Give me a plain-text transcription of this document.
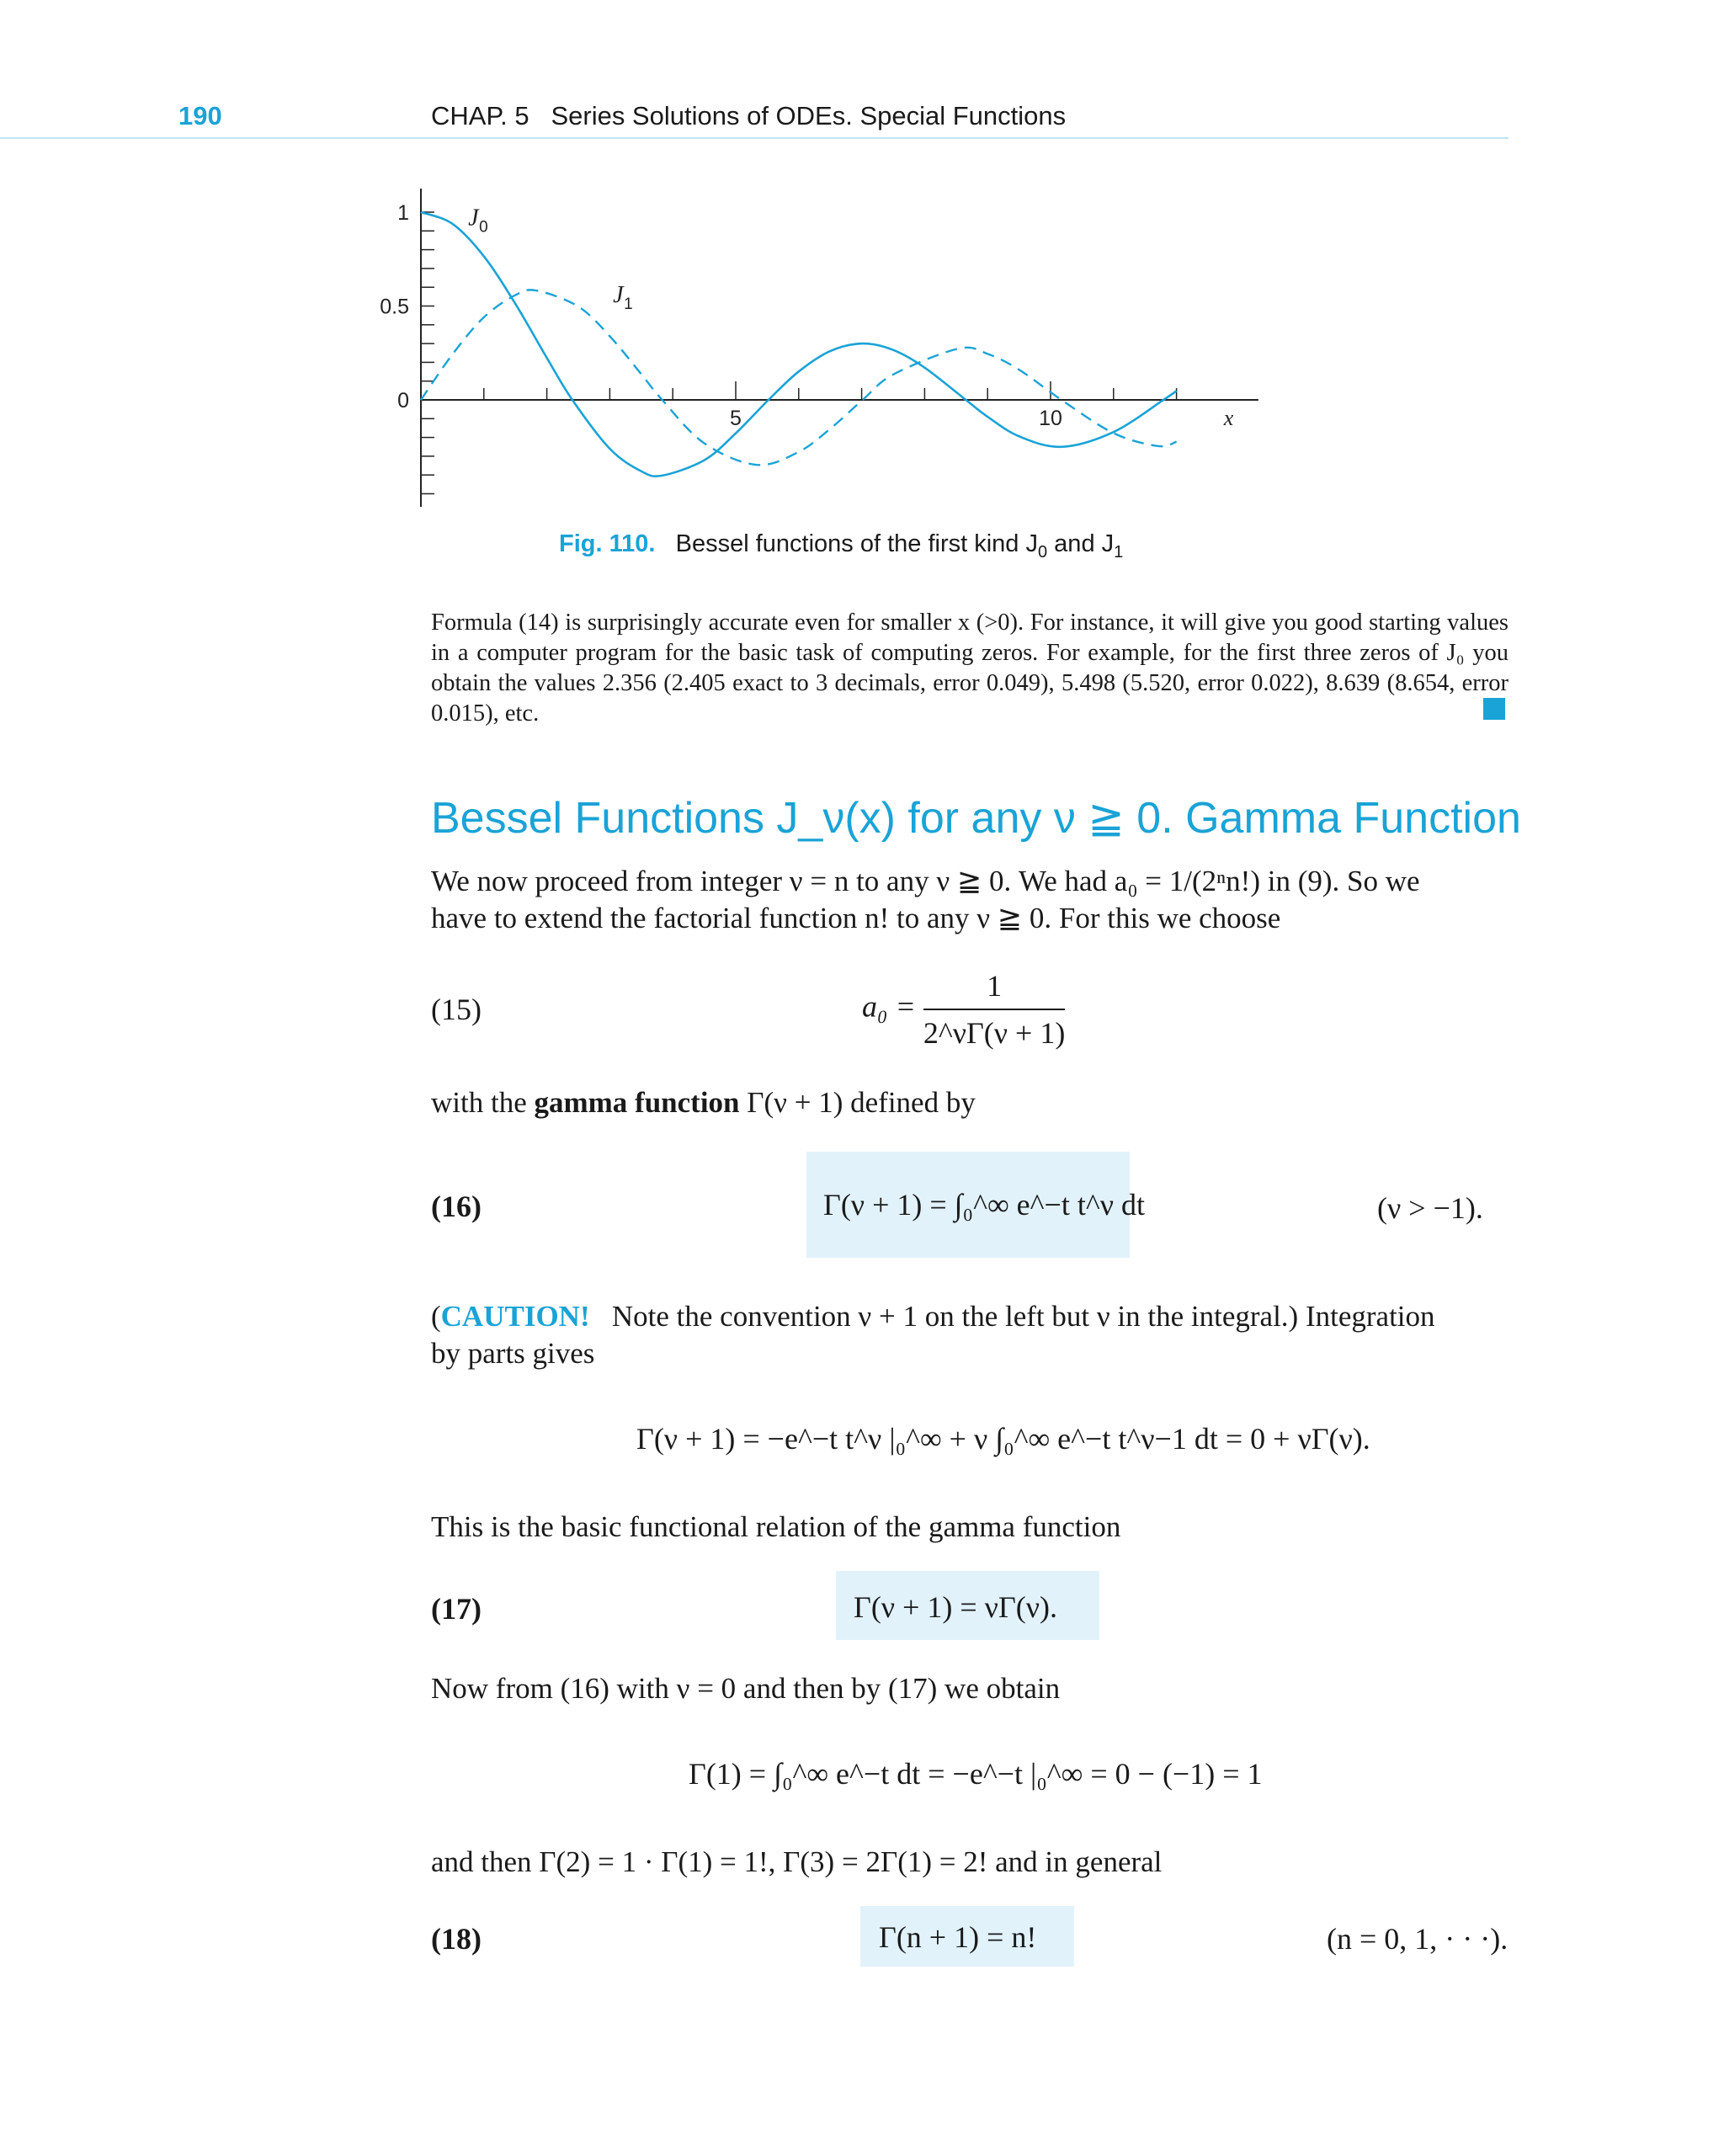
190	CHAP. 5 Series Solutions of ODEs. Special Functions
1
0.5
0
5	10	x
J 0
J 1
Fig. 110. Bessel functions of the first kind $J_0$ and $J_1$
Formula (14) is surprisingly accurate even for smaller x (>0). For instance, it will give you good starting values in a computer program for the basic task of computing zeros. For example, for the first three zeros of J₀ you obtain the values 2.356 (2.405 exact to 3 decimals, error 0.049), 5.498 (5.520, error 0.022), 8.639 (8.654, error 0.015), etc.
Bessel Functions J_ν(x) for any ν ≧ 0. Gamma Function
We now proceed from integer ν = n to any ν ≧ 0. We had a₀ = 1/(2ⁿn!) in (9). So we
have to extend the factorial function n! to any ν ≧ 0. For this we choose
(15)	$a_0 = \frac{1}{2\^{}\nu\Gamma(\nu + 1)}$
with the gamma function Γ(ν + 1) defined by
(16)	Γ(ν + 1) = ∫₀^∞ e^−t t^ν dt	(ν > −1).
(CAUTION! Note the convention ν + 1 on the left but ν in the integral.) Integration
by parts gives
Γ(ν + 1) = −e^−t t^ν |₀^∞ + ν ∫₀^∞ e^−t t^ν−1 dt = 0 + νΓ(ν).
This is the basic functional relation of the gamma function
(17)	Γ(ν + 1) = νΓ(ν).
Now from (16) with ν = 0 and then by (17) we obtain
Γ(1) = ∫₀^∞ e^−t dt = −e^−t |₀^∞ = 0 − (−1) = 1
and then Γ(2) = 1 · Γ(1) = 1!, Γ(3) = 2Γ(1) = 2! and in general
(18)	Γ(n + 1) = n!	(n = 0, 1, · · ·).
